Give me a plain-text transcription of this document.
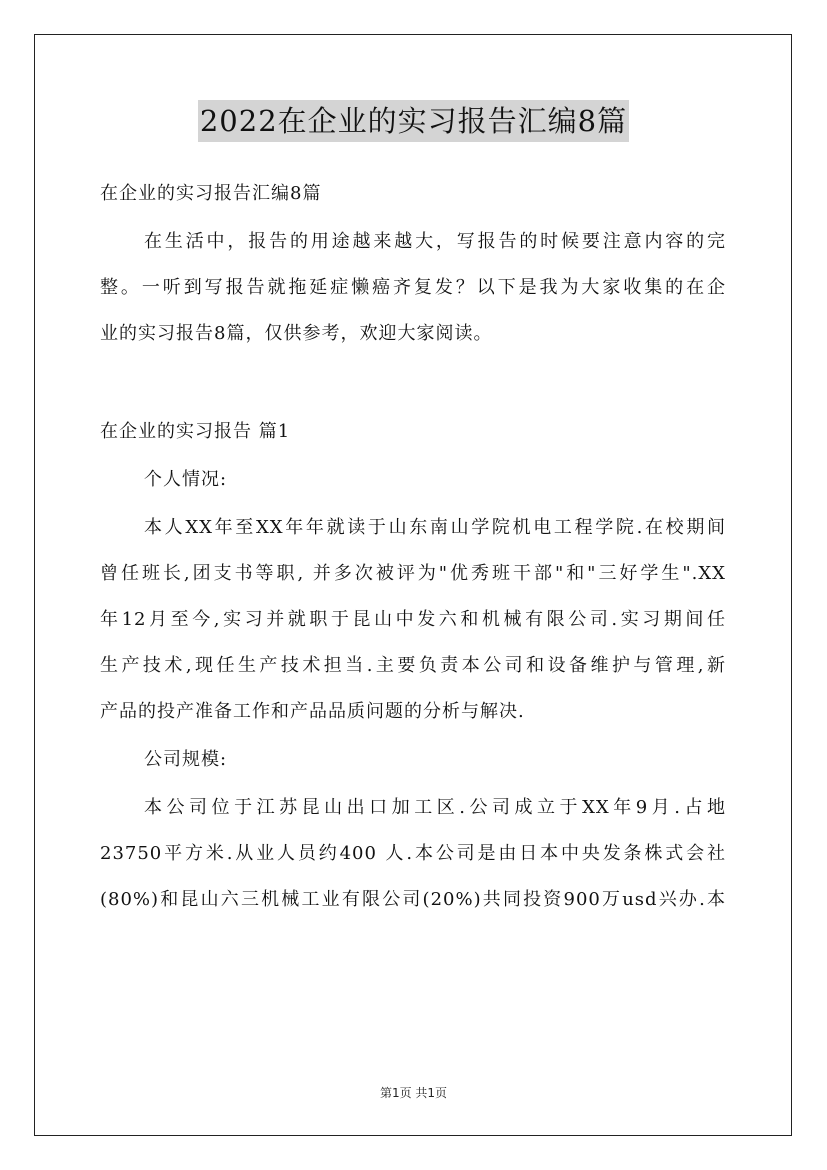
2022在企业的实习报告汇编8篇
在企业的实习报告汇编8篇
在生活中，报告的用途越来越大，写报告的时候要注意内容的完
整。一听到写报告就拖延症懒癌齐复发？以下是我为大家收集的在企
业的实习报告8篇，仅供参考，欢迎大家阅读。
在企业的实习报告 篇1
个人情况:
本人XX年至XX年年就读于山东南山学院机电工程学院.在校期间
曾任班长,团支书等职, 并多次被评为"优秀班干部"和"三好学生".XX
年12月至今,实习并就职于昆山中发六和机械有限公司.实习期间任
生产技术,现任生产技术担当.主要负责本公司和设备维护与管理,新
产品的投产准备工作和产品品质问题的分析与解决.
公司规模:
本公司位于江苏昆山出口加工区.公司成立于XX年9月.占地
23750平方米.从业人员约400 人.本公司是由日本中央发条株式会社
(80%)和昆山六三机械工业有限公司(20%)共同投资900万usd兴办.本
第1页 共1页
